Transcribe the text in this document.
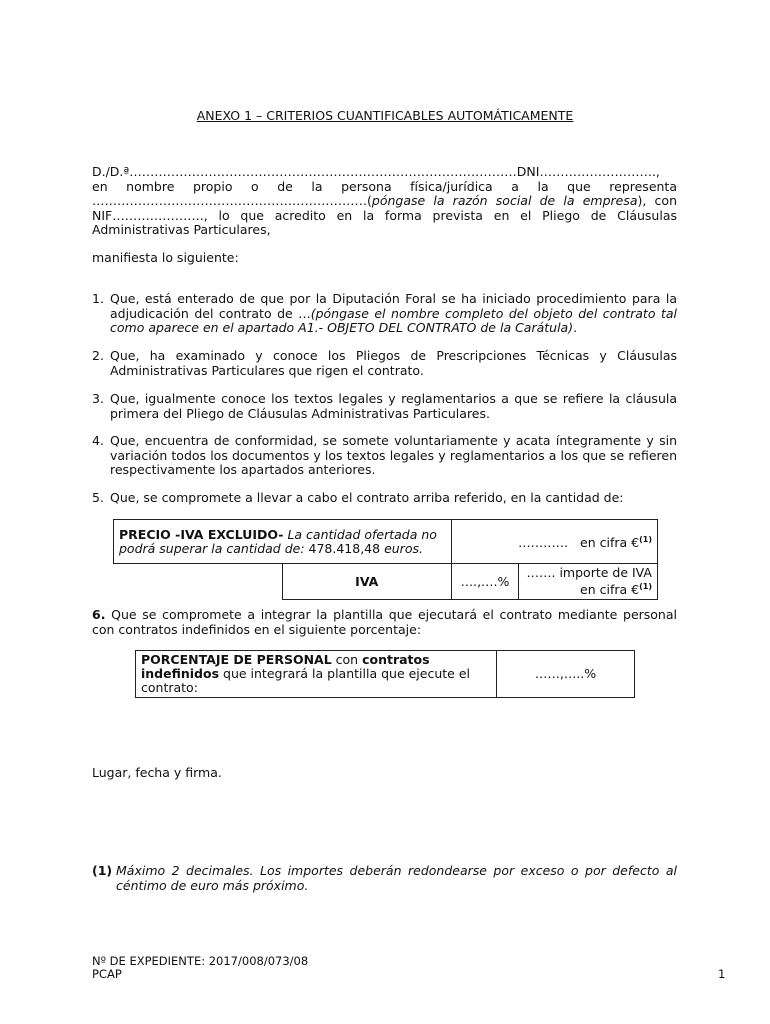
ANEXO 1 – CRITERIOS CUANTIFICABLES AUTOMÁTICAMENTE
D./D.ª…………………………………………………………………………………DNI……………………….,
en nombre propio o de la persona física/jurídica a la que representa
…………………………………………………………(póngase la razón social de la empresa), con
NIF…………………., lo que acredito en la forma prevista en el Pliego de Cláusulas
Administrativas Particulares,
manifiesta lo siguiente:
1. Que, está enterado de que por la Diputación Foral se ha iniciado procedimiento para la adjudicación del contrato de …(póngase el nombre completo del objeto del contrato tal como aparece en el apartado A1.- OBJETO DEL CONTRATO de la Carátula).
2. Que, ha examinado y conoce los Pliegos de Prescripciones Técnicas y Cláusulas Administrativas Particulares que rigen el contrato.
3. Que, igualmente conoce los textos legales y reglamentarios a que se refiere la cláusula primera del Pliego de Cláusulas Administrativas Particulares.
4. Que, encuentra de conformidad, se somete voluntariamente y acata íntegramente y sin variación todos los documentos y los textos legales y reglamentarios a los que se refieren respectivamente los apartados anteriores.
5. Que, se compromete a llevar a cabo el contrato arriba referido, en la cantidad de:
PRECIO -IVA EXCLUIDO- La cantidad ofertada no podrá superar la cantidad de: 478.418,48 euros.		………… en cifra €$^{(1)}$
	IVA	….,….%	……. importe de IVA
en cifra €$^{(1)}$
6. Que se compromete a integrar la plantilla que ejecutará el contrato mediante personal con contratos indefinidos en el siguiente porcentaje:
PORCENTAJE DE PERSONAL con contratos indefinidos que integrará la plantilla que ejecute el contrato:	……,…..%
Lugar, fecha y firma.
(1) Máximo 2 decimales. Los importes deberán redondearse por exceso o por defecto al céntimo de euro más próximo.
Nº DE EXPEDIENTE: 2017/008/073/08
PCAP	1
